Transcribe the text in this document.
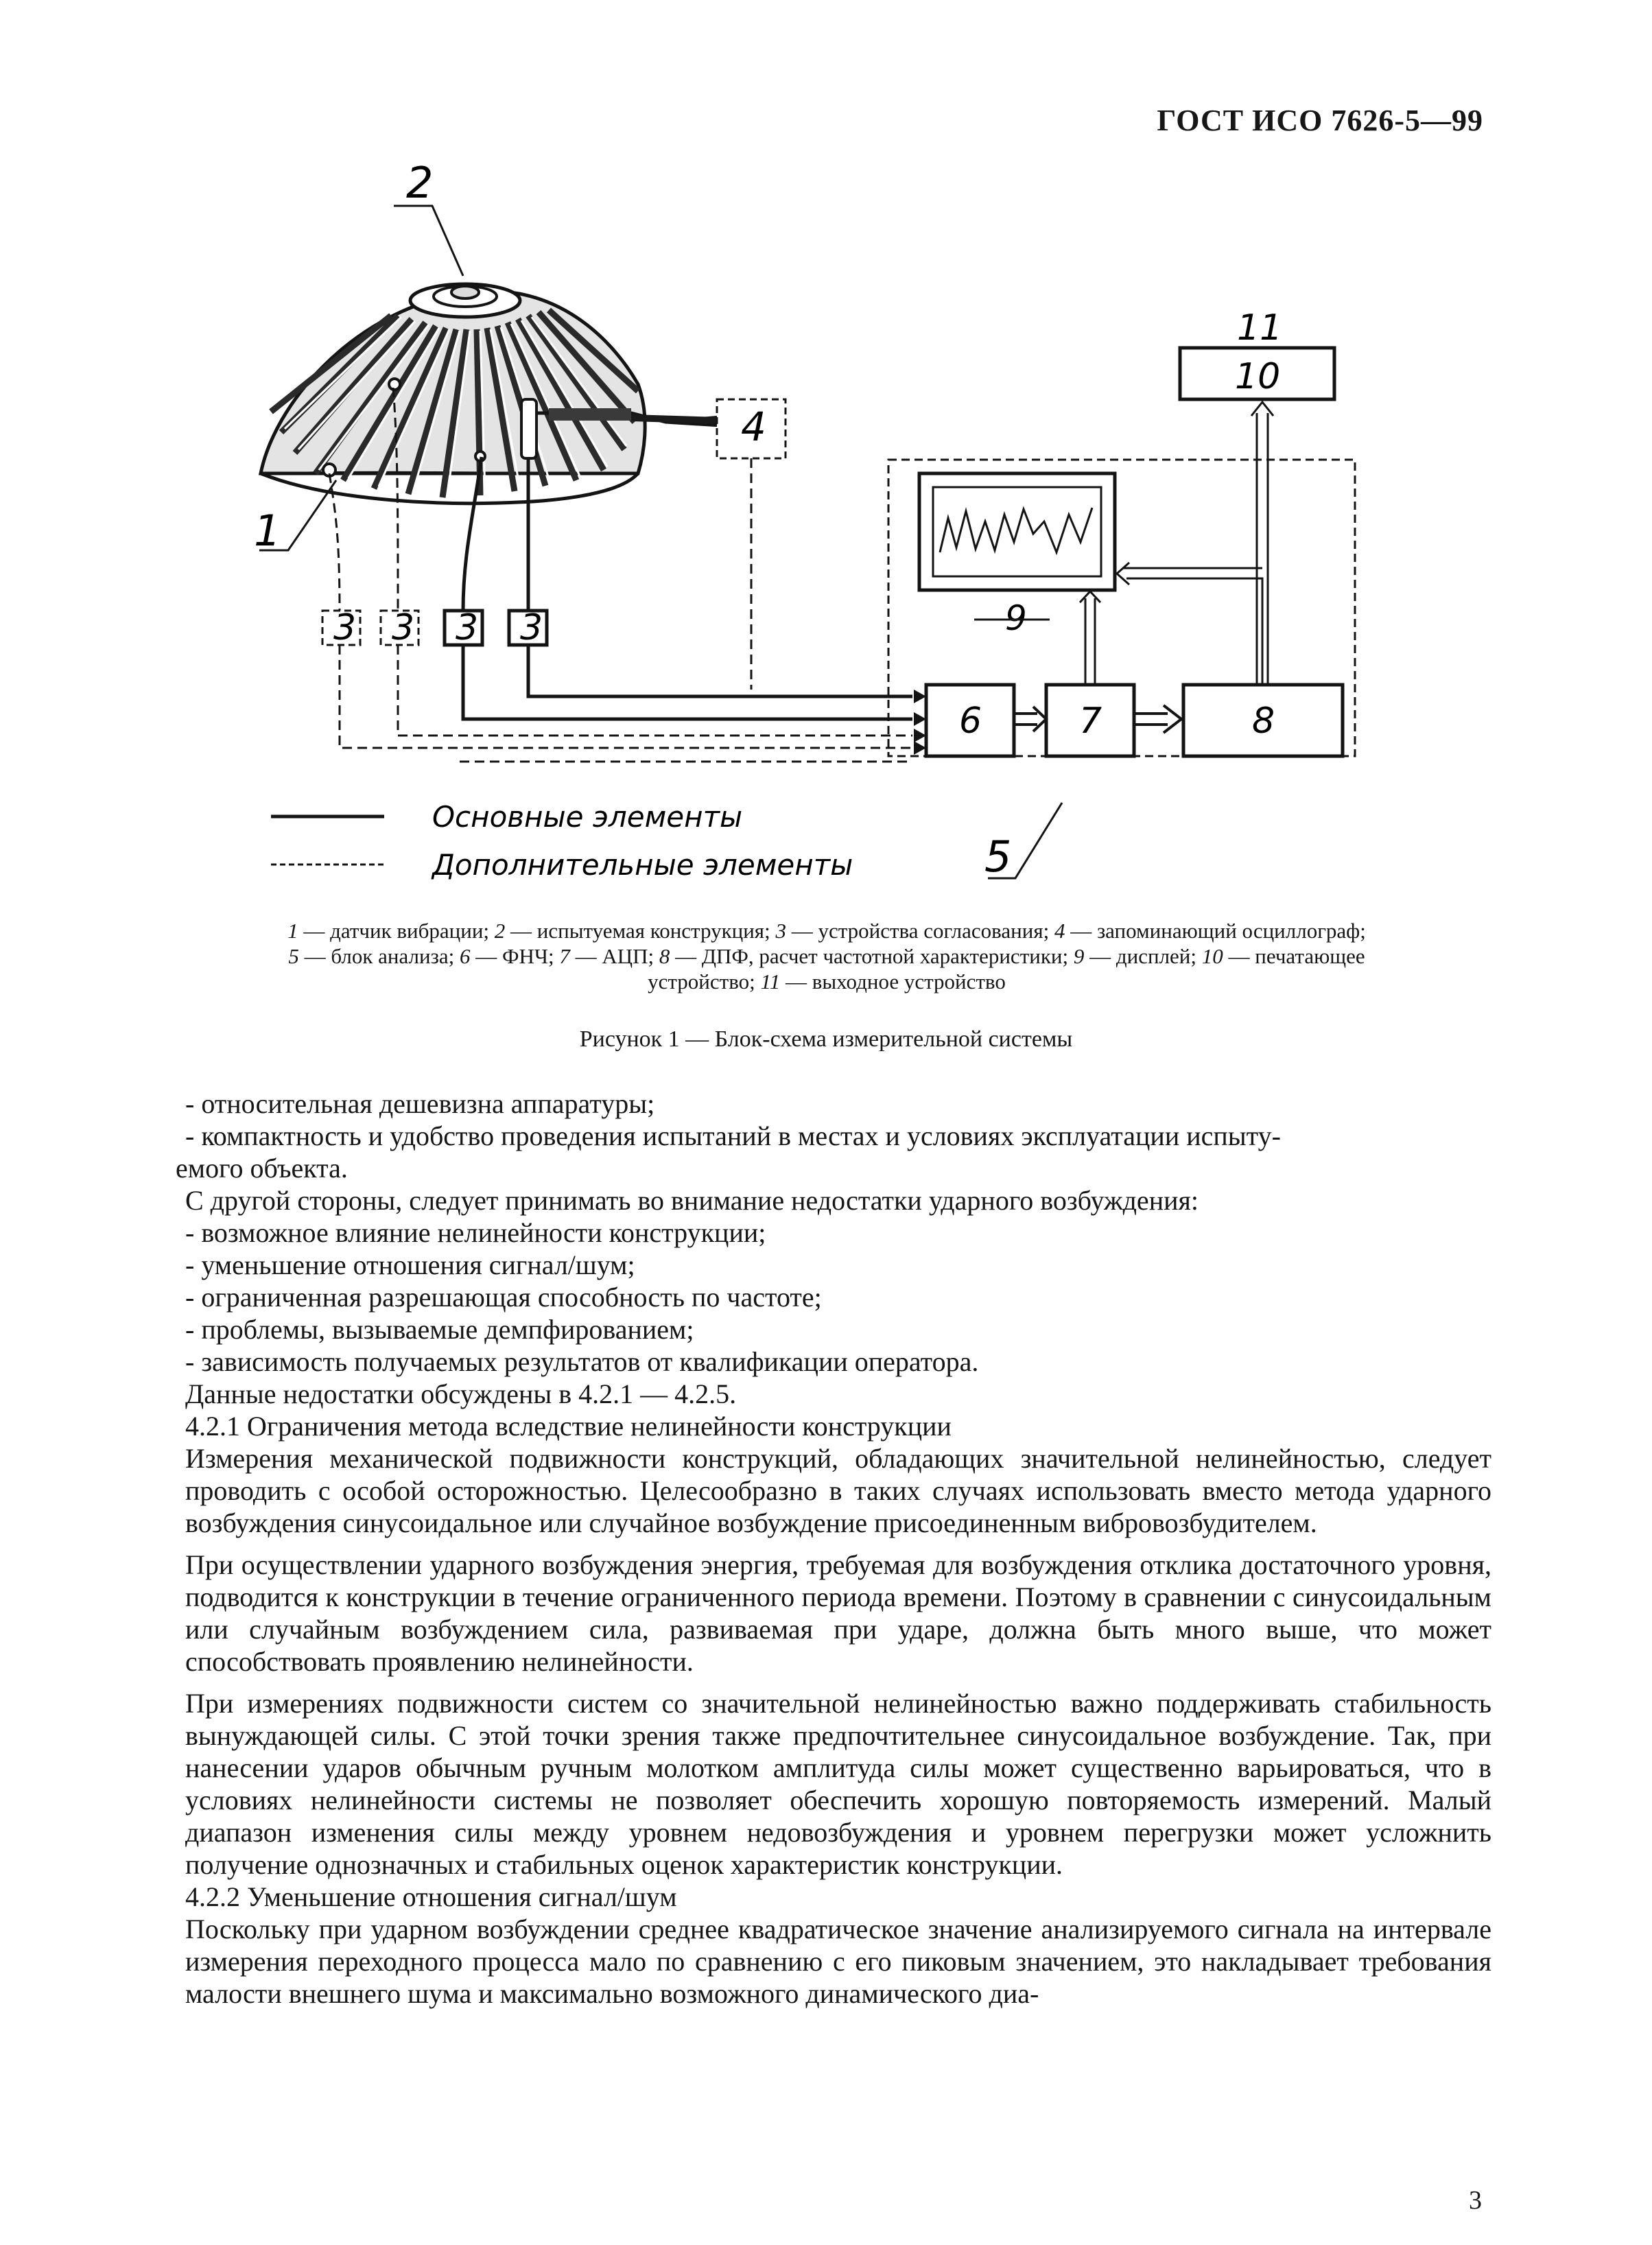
ГОСТ ИСО 7626-5—99
2
1
3 3 3 3
4
9
6	7	8
5
10
11
Основные элементы
Дополнительные элементы
1 — датчик вибрации; 2 — испытуемая конструкция; 3 — устройства согласования; 4 — запоминающий осциллограф;
5 — блок анализа; 6 — ФНЧ; 7 — АЦП; 8 — ДПФ, расчет частотной характеристики; 9 — дисплей; 10 — печатающее
устройство; 11 — выходное устройство
Рисунок 1 — Блок-схема измерительной системы

- относительная дешевизна аппаратуры;

- компактность и удобство проведения испытаний в местах и условиях эксплуатации испыту-

емого объекта.

С другой стороны, следует принимать во внимание недостатки ударного возбуждения:

- возможное влияние нелинейности конструкции;

- уменьшение отношения сигнал/шум;

- ограниченная разрешающая способность по частоте;

- проблемы, вызываемые демпфированием;

- зависимость получаемых результатов от квалификации оператора.

Данные недостатки обсуждены в 4.2.1 — 4.2.5.

4.2.1 Ограничения метода вследствие нелинейности конструкции

Измерения механической подвижности конструкций, обладающих значительной нелинейностью, следует проводить с особой осторожностью. Целесообразно в таких случаях использовать вместо метода ударного возбуждения синусоидальное или случайное возбуждение присоединенным вибровозбудителем.

При осуществлении ударного возбуждения энергия, требуемая для возбуждения отклика достаточного уровня, подводится к конструкции в течение ограниченного периода времени. Поэтому в сравнении с синусоидальным или случайным возбуждением сила, развиваемая при ударе, должна быть много выше, что может способствовать проявлению нелинейности.

При измерениях подвижности систем со значительной нелинейностью важно поддерживать стабильность вынуждающей силы. С этой точки зрения также предпочтительнее синусоидальное возбуждение. Так, при нанесении ударов обычным ручным молотком амплитуда силы может существенно варьироваться, что в условиях нелинейности системы не позволяет обеспечить хорошую повторяемость измерений. Малый диапазон изменения силы между уровнем недовозбуждения и уровнем перегрузки может усложнить получение однозначных и стабильных оценок характеристик конструкции.

4.2.2 Уменьшение отношения сигнал/шум

Поскольку при ударном возбуждении среднее квадратическое значение анализируемого сигнала на интервале измерения переходного процесса мало по сравнению с его пиковым значением, это накладывает требования малости внешнего шума и максимально возможного динамического диа-

3
